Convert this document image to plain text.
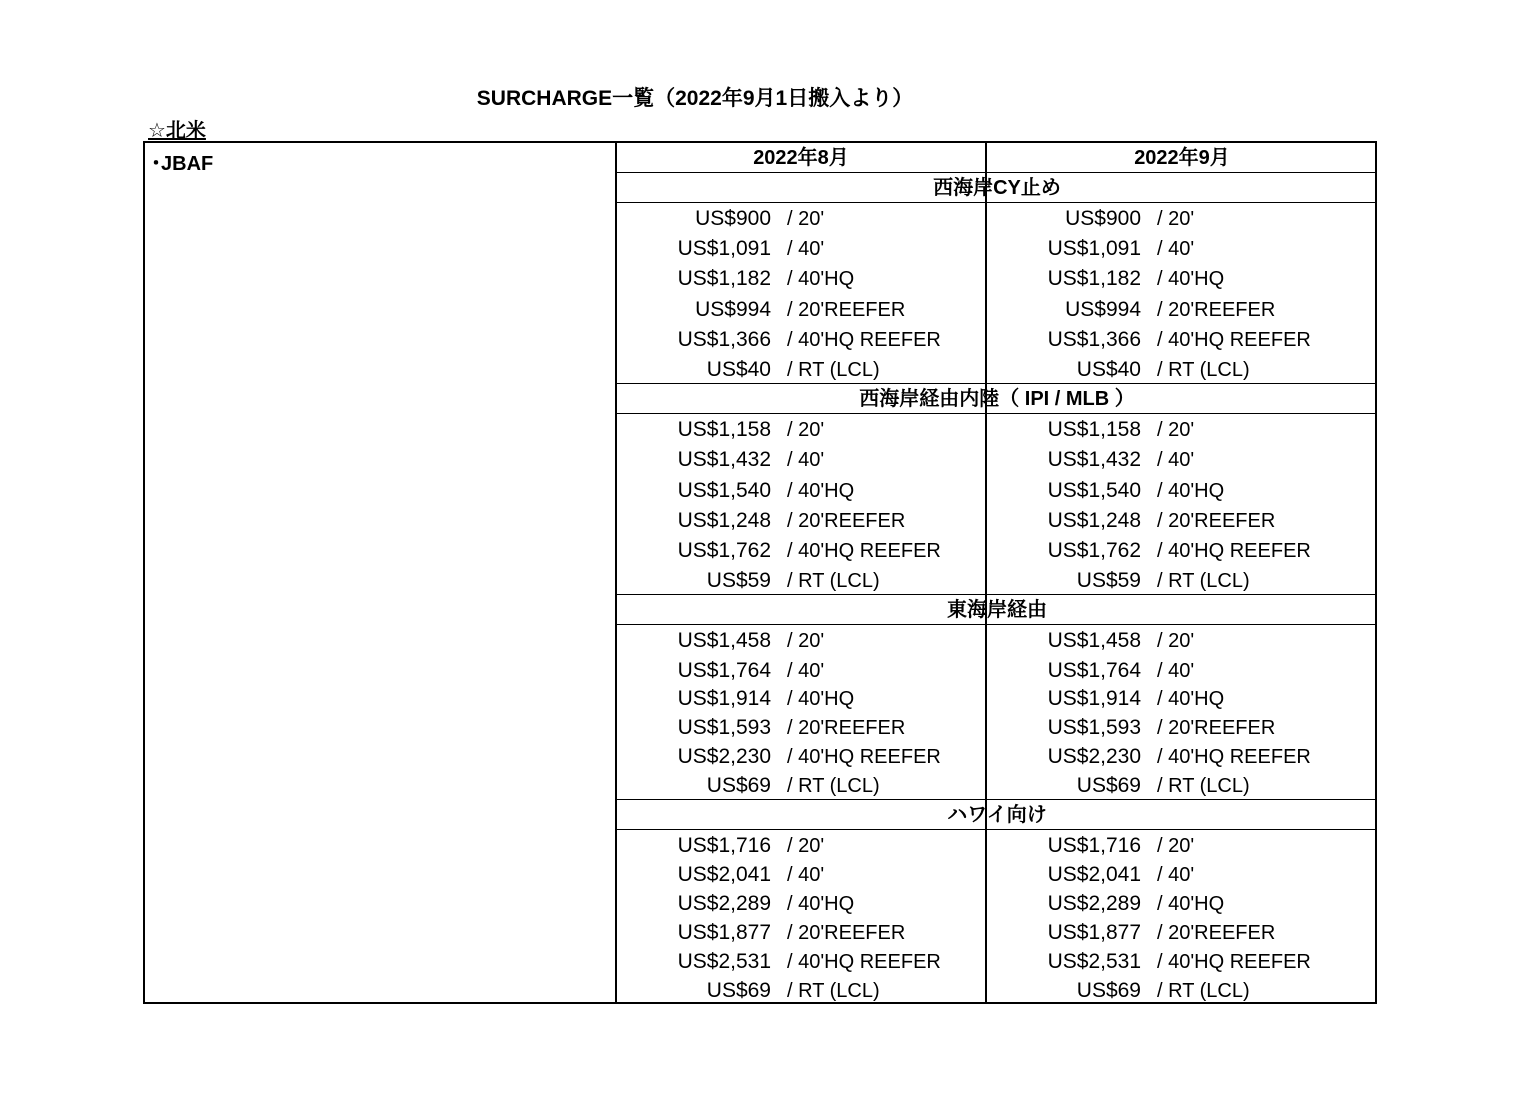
SURCHARGE一覧（2022年9月1日搬入より）
☆北米
･JBAF	2022年8月	2022年9月
西海岸CY止め
US$900 / 20'	US$900 / 20'
US$1,091 / 40'	US$1,091 / 40'
US$1,182 / 40'HQ	US$1,182 / 40'HQ
US$994 / 20'REEFER	US$994 / 20'REEFER
US$1,366 / 40'HQ REEFER	US$1,366 / 40'HQ REEFER
US$40 / RT (LCL)	US$40 / RT (LCL)
西海岸経由内陸（ IPI / MLB ）
US$1,158 / 20'	US$1,158 / 20'
US$1,432 / 40'	US$1,432 / 40'
US$1,540 / 40'HQ	US$1,540 / 40'HQ
US$1,248 / 20'REEFER	US$1,248 / 20'REEFER
US$1,762 / 40'HQ REEFER	US$1,762 / 40'HQ REEFER
US$59 / RT (LCL)	US$59 / RT (LCL)
東海岸経由
US$1,458 / 20'	US$1,458 / 20'
US$1,764 / 40'	US$1,764 / 40'
US$1,914 / 40'HQ	US$1,914 / 40'HQ
US$1,593 / 20'REEFER	US$1,593 / 20'REEFER
US$2,230 / 40'HQ REEFER	US$2,230 / 40'HQ REEFER
US$69 / RT (LCL)	US$69 / RT (LCL)
ハワイ向け
US$1,716 / 20'	US$1,716 / 20'
US$2,041 / 40'	US$2,041 / 40'
US$2,289 / 40'HQ	US$2,289 / 40'HQ
US$1,877 / 20'REEFER	US$1,877 / 20'REEFER
US$2,531 / 40'HQ REEFER	US$2,531 / 40'HQ REEFER
US$69 / RT (LCL)	US$69 / RT (LCL)
